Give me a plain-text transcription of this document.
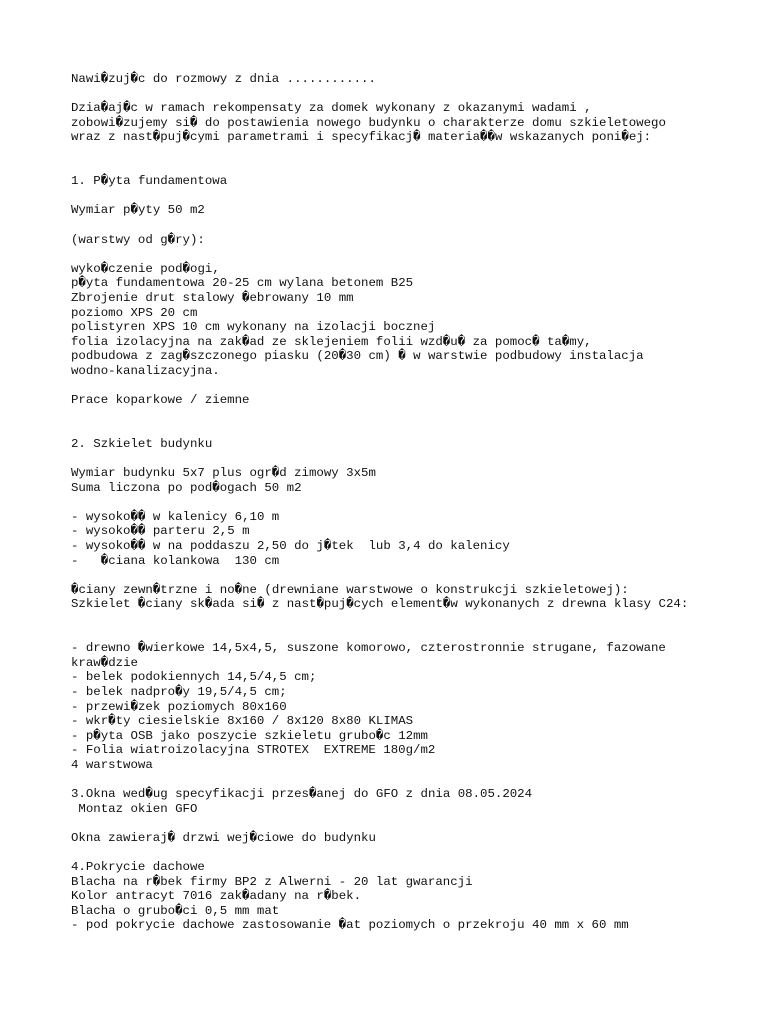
Nawi�zuj�c do rozmowy z dnia ............
Dzia�aj�c w ramach rekompensaty za domek wykonany z okazanymi wadami ,
zobowi�zujemy si� do postawienia nowego budynku o charakterze domu szkieletowego
wraz z nast�puj�cymi parametrami i specyfikacj� materia��w wskazanych poni�ej:
1. P�yta fundamentowa
Wymiar p�yty 50 m2
(warstwy od g�ry):
wyko�czenie pod�ogi,
p�yta fundamentowa 20-25 cm wylana betonem B25
Zbrojenie drut stalowy �ebrowany 10 mm
poziomo XPS 20 cm
polistyren XPS 10 cm wykonany na izolacji bocznej
folia izolacyjna na zak�ad ze sklejeniem folii wzd�u� za pomoc� ta�my,
podbudowa z zag�szczonego piasku (20�30 cm) � w warstwie podbudowy instalacja
wodno-kanalizacyjna.
Prace koparkowe / ziemne
2. Szkielet budynku
Wymiar budynku 5x7 plus ogr�d zimowy 3x5m
Suma liczona po pod�ogach 50 m2
- wysoko�� w kalenicy 6,10 m
- wysoko�� parteru 2,5 m
- wysoko�� w na poddaszu 2,50 do j�tek  lub 3,4 do kalenicy
-   �ciana kolankowa  130 cm
�ciany zewn�trzne i no�ne (drewniane warstwowe o konstrukcji szkieletowej):
Szkielet �ciany sk�ada si� z nast�puj�cych element�w wykonanych z drewna klasy C24:
- drewno �wierkowe 14,5x4,5, suszone komorowo, czterostronnie strugane, fazowane
kraw�dzie
- belek podokiennych 14,5/4,5 cm;
- belek nadpro�y 19,5/4,5 cm;
- przewi�zek poziomych 80x160
- wkr�ty ciesielskie 8x160 / 8x120 8x80 KLIMAS
- p�yta OSB jako poszycie szkieletu grubo�c 12mm
- Folia wiatroizolacyjna STROTEX  EXTREME 180g/m2
4 warstwowa
3.Okna wed�ug specyfikacji przes�anej do GFO z dnia 08.05.2024
Montaz okien GFO
Okna zawieraj� drzwi wej�ciowe do budynku
4.Pokrycie dachowe
Blacha na r�bek firmy BP2 z Alwerni - 20 lat gwarancji
Kolor antracyt 7016 zak�adany na r�bek.
Blacha o grubo�ci 0,5 mm mat
- pod pokrycie dachowe zastosowanie �at poziomych o przekroju 40 mm x 60 mm
